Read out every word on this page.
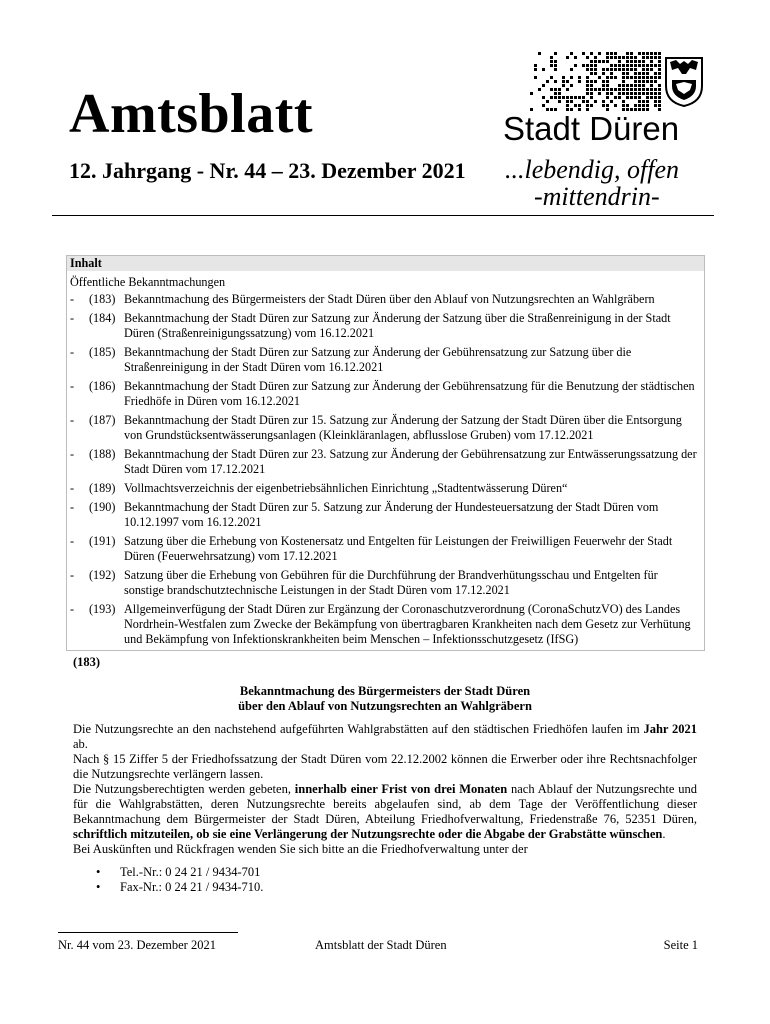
Amtsblatt
12. Jahrgang - Nr. 44 – 23. Dezember 2021
Stadt Düren
...lebendig, offen
-mittendrin-
Inhalt
Öffentliche Bekanntmachungen
- (183) Bekanntmachung des Bürgermeisters der Stadt Düren über den Ablauf von Nutzungsrechten an Wahlgräbern
- (184) Bekanntmachung der Stadt Düren zur Satzung zur Änderung der Satzung über die Straßenreinigung in der Stadt Düren (Straßenreinigungssatzung) vom 16.12.2021
- (185) Bekanntmachung der Stadt Düren zur Satzung zur Änderung der Gebührensatzung zur Satzung über die Straßenreinigung in der Stadt Düren vom 16.12.2021
- (186) Bekanntmachung der Stadt Düren zur Satzung zur Änderung der Gebührensatzung für die Benutzung der städtischen Friedhöfe in Düren vom 16.12.2021
- (187) Bekanntmachung der Stadt Düren zur 15. Satzung zur Änderung der Satzung der Stadt Düren über die Entsorgung von Grundstücksentwässerungsanlagen (Kleinkläranlagen, abflusslose Gruben) vom 17.12.2021
- (188) Bekanntmachung der Stadt Düren zur 23. Satzung zur Änderung der Gebührensatzung zur Entwässerungssatzung der Stadt Düren vom 17.12.2021
- (189) Vollmachtsverzeichnis der eigenbetriebsähnlichen Einrichtung „Stadtentwässerung Düren“
- (190) Bekanntmachung der Stadt Düren zur 5. Satzung zur Änderung der Hundesteuersatzung der Stadt Düren vom 10.12.1997 vom 16.12.2021
- (191) Satzung über die Erhebung von Kostenersatz und Entgelten für Leistungen der Freiwilligen Feuerwehr der Stadt Düren (Feuerwehrsatzung) vom 17.12.2021
- (192) Satzung über die Erhebung von Gebühren für die Durchführung der Brandverhütungsschau und Entgelten für sonstige brandschutztechnische Leistungen in der Stadt Düren vom 17.12.2021
- (193) Allgemeinverfügung der Stadt Düren zur Ergänzung der Coronaschutzverordnung (CoronaSchutzVO) des Landes Nordrhein-Westfalen zum Zwecke der Bekämpfung von übertragbaren Krankheiten nach dem Gesetz zur Verhütung und Bekämpfung von Infektionskrankheiten beim Menschen – Infektionsschutzgesetz (IfSG)
(183)
Bekanntmachung des Bürgermeisters der Stadt Düren
über den Ablauf von Nutzungsrechten an Wahlgräbern

Die Nutzungsrechte an den nachstehend aufgeführten Wahlgrabstätten auf den städtischen Friedhöfen laufen im Jahr 2021 ab.

Nach § 15 Ziffer 5 der Friedhofssatzung der Stadt Düren vom 22.12.2002 können die Erwerber oder ihre Rechtsnachfolger die Nutzungsrechte verlängern lassen.

Die Nutzungsberechtigten werden gebeten, innerhalb einer Frist von drei Monaten nach Ablauf der Nutzungsrechte und für die Wahlgrabstätten, deren Nutzungsrechte bereits abgelaufen sind, ab dem Tage der Veröffentlichung dieser Bekanntmachung dem Bürgermeister der Stadt Düren, Abteilung Friedhofverwaltung, Friedenstraße 76, 52351 Düren, schriftlich mitzuteilen, ob sie eine Verlängerung der Nutzungsrechte oder die Abgabe der Grabstätte wünschen.

Bei Auskünften und Rückfragen wenden Sie sich bitte an die Friedhofverwaltung unter der

• Tel.-Nr.: 0 24 21 / 9434-701
• Fax-Nr.: 0 24 21 / 9434-710.
Nr. 44 vom 23. Dezember 2021	Amtsblatt der Stadt Düren	Seite 1
